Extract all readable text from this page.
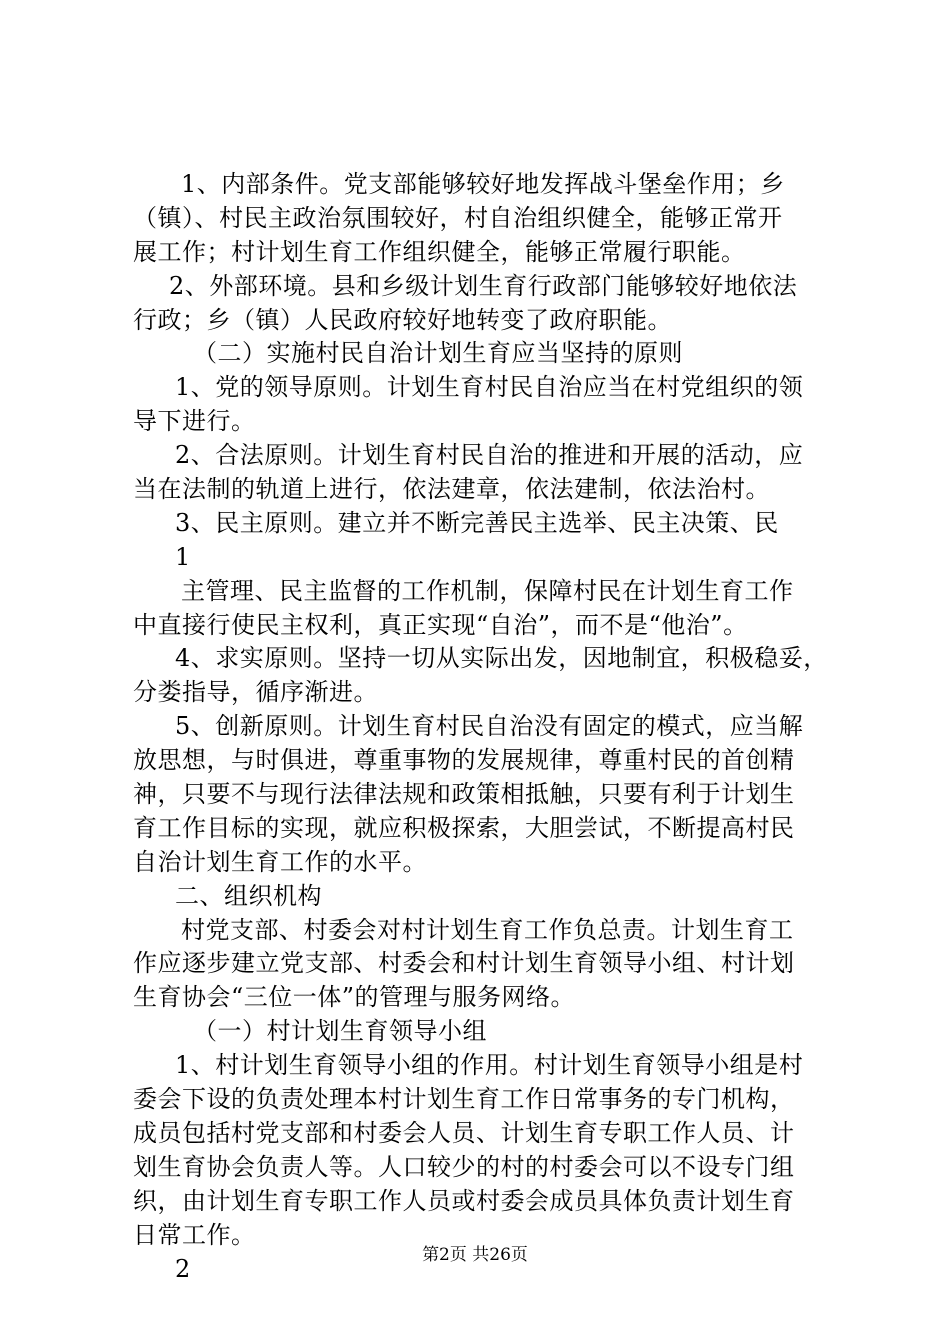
1、内部条件。党支部能够较好地发挥战斗堡垒作用；乡
（镇）、村民主政治氛围较好，村自治组织健全，能够正常开
展工作；村计划生育工作组织健全，能够正常履行职能。
2、外部环境。县和乡级计划生育行政部门能够较好地依法
行政；乡（镇）人民政府较好地转变了政府职能。
（二）实施村民自治计划生育应当坚持的原则
1、党的领导原则。计划生育村民自治应当在村党组织的领
导下进行。
2、合法原则。计划生育村民自治的推进和开展的活动，应
当在法制的轨道上进行，依法建章，依法建制，依法治村。
3、民主原则。建立并不断完善民主选举、民主决策、民
1
主管理、民主监督的工作机制，保障村民在计划生育工作
中直接行使民主权利，真正实现“自治”，而不是“他治”。
4、求实原则。坚持一切从实际出发，因地制宜，积极稳妥，
分娄指导，循序渐进。
5、创新原则。计划生育村民自治没有固定的模式，应当解
放思想，与时俱进，尊重事物的发展规律，尊重村民的首创精
神，只要不与现行法律法规和政策相抵触，只要有利于计划生
育工作目标的实现，就应积极探索，大胆尝试，不断提高村民
自治计划生育工作的水平。
二、组织机构
村党支部、村委会对村计划生育工作负总责。计划生育工
作应逐步建立党支部、村委会和村计划生育领导小组、村计划
生育协会“三位一体”的管理与服务网络。
（一）村计划生育领导小组
1、村计划生育领导小组的作用。村计划生育领导小组是村
委会下设的负责处理本村计划生育工作日常事务的专门机构，
成员包括村党支部和村委会人员、计划生育专职工作人员、计
划生育协会负责人等。人口较少的村的村委会可以不设专门组
织，由计划生育专职工作人员或村委会成员具体负责计划生育
日常工作。
2	第2页 共26页
